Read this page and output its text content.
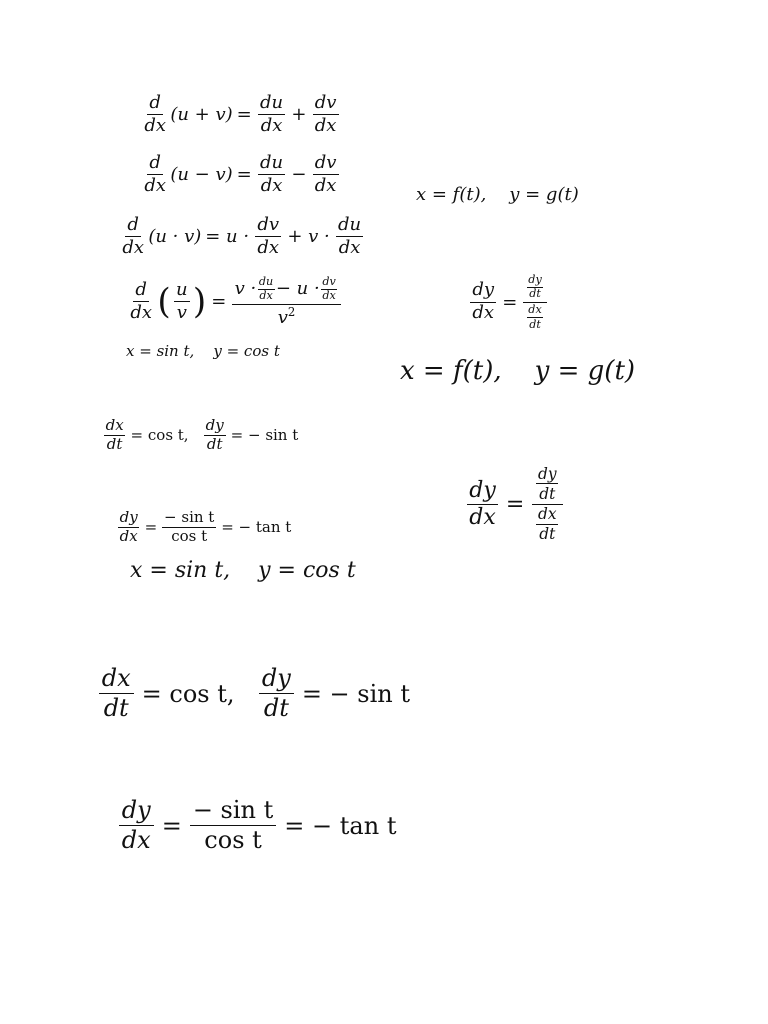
$\frac{d}{dx} (u + v) = \frac{du}{dx} + \frac{dv}{dx}$
$\frac{d}{dx} (u - v) = \frac{du}{dx} - \frac{dv}{dx}$
$\frac{d}{dx} (u \cdot v) = u \cdot \frac{dv}{dx} + v \cdot \frac{du}{dx}$
$\frac{d}{dx}$ ( $\frac{u}{v}$ ) =
$v \cdot \frac{du}{dx} - u \cdot \frac{dv}{dx}$
$v^2$
x = f(t),    y = g(t)
$\frac{dy}{dx} = \frac{\frac{dy}{dt}}{\frac{dx}{dt}}$
x = sin t,    y = cos t
x = f(t),    y = g(t)
$\frac{dx}{dt} = \cos t$,	$\frac{dy}{dt}$ = − sin t
$\frac{dy}{dx} = \frac{\frac{dy}{dt}}{\frac{dx}{dt}}$
$\frac{dy}{dx} = \frac{\text{− sin t}}{\text{cos t}}$ = − tan t
x = sin t,    y = cos t
$\frac{dx}{dt} = \cos t$,	$\frac{dy}{dt}$ = − sin t
$\frac{dy}{dx} = \frac{\text{− sin t}}{\text{cos t}}$ = − tan t
